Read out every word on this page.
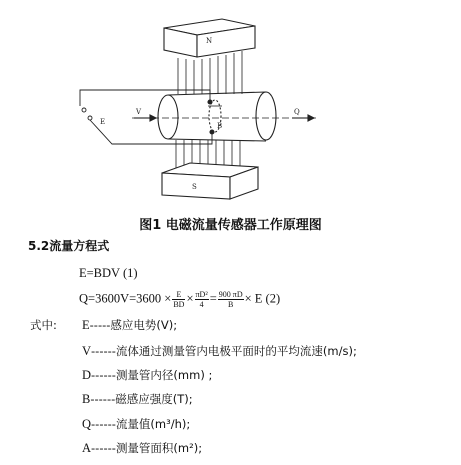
N
S
Q
E
V
B
图1 电磁流量传感器工作原理图
5.2流量方程式
E=BDV (1)
$Q=3600V=3600 \times \frac{E}{BD} \times \frac{\text{πD²}}{4} = \frac{900 \pi D}{B} \times E$ (2)
式中: E-----感应电势(V);
V------流体通过测量管内电极平面时的平均流速(m/s);
D------测量管内径(mm) ;
B------磁感应强度(T);
Q------流量值(m³/h);
A------测量管面积(m²);
